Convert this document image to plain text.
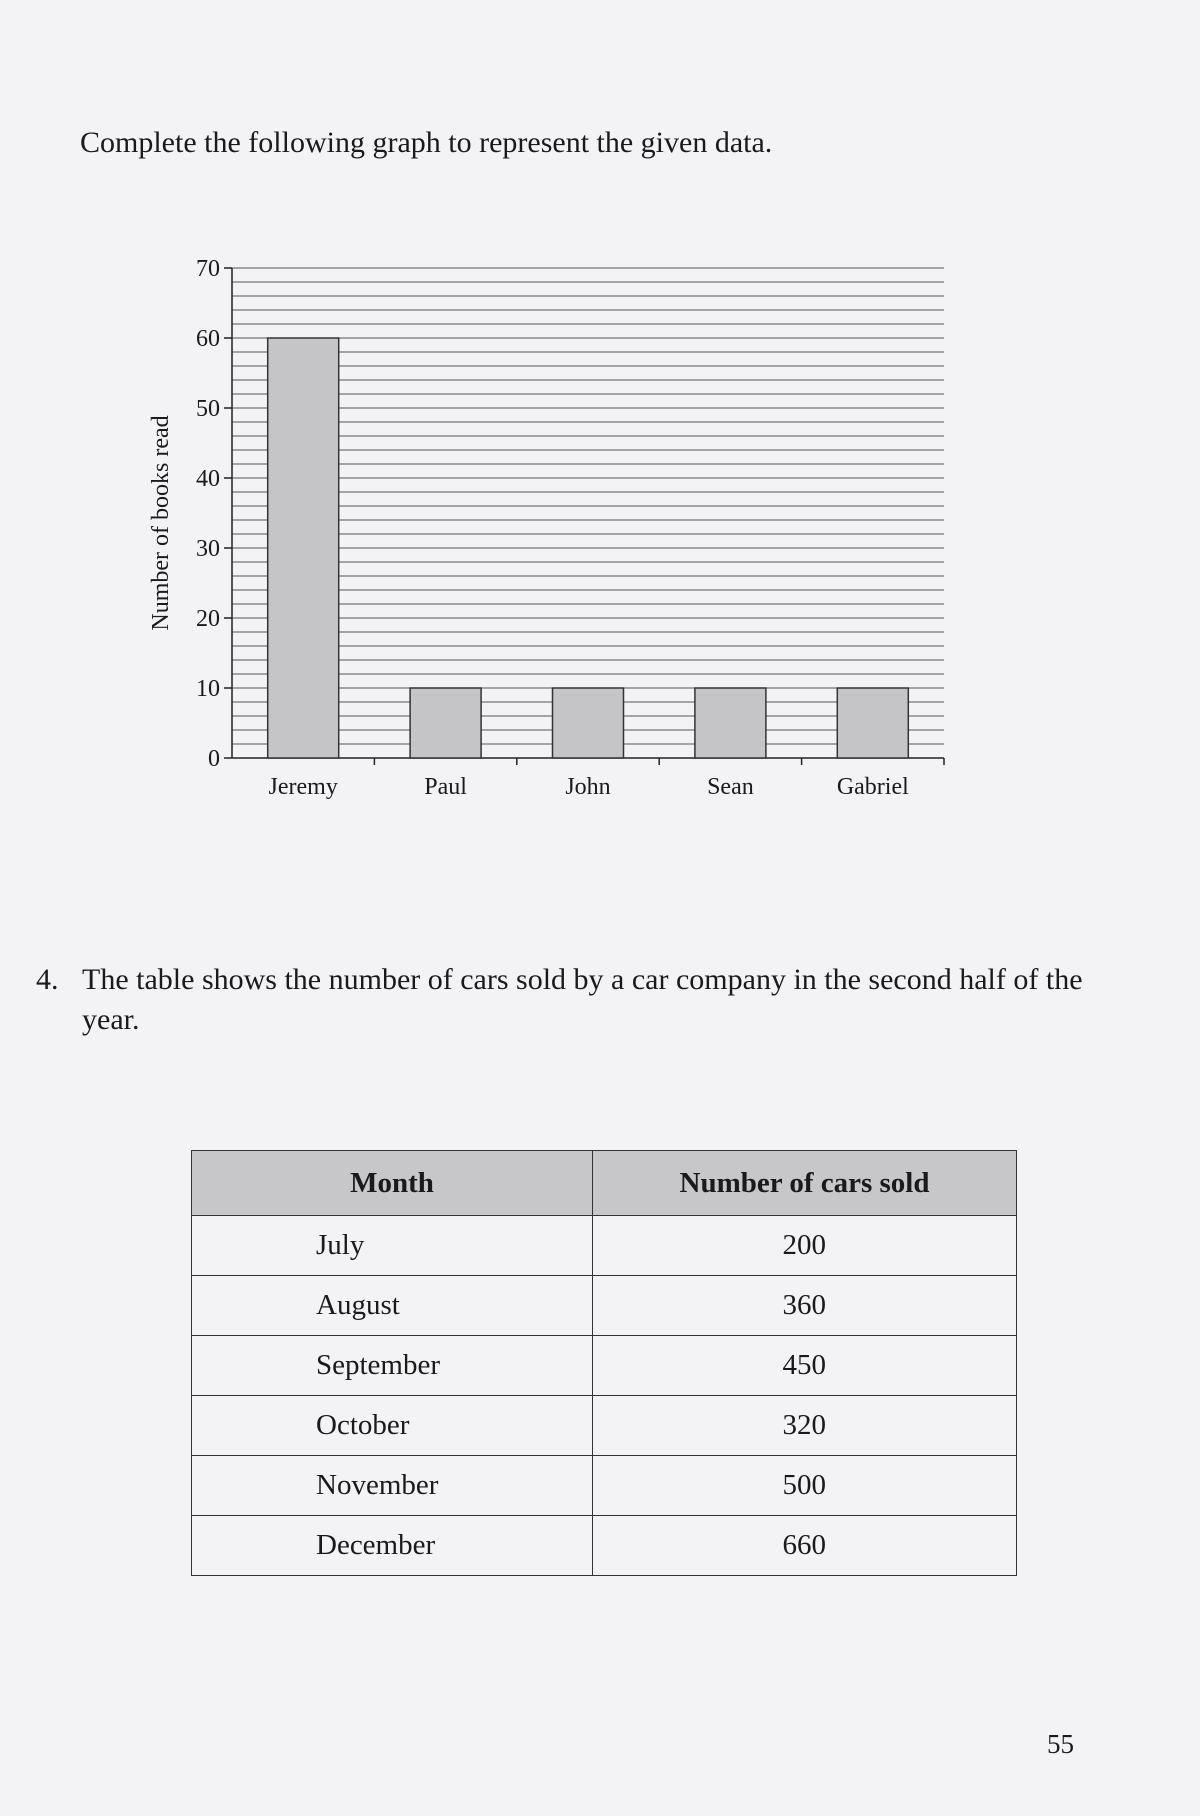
Complete the following graph to represent the given data.

0
10
20
30
40
50
60
70
Number of books read
Jeremy	Paul	John	Sean	Gabriel
4. The table shows the number of cars sold by a car company in the second half of the year.
Month	Number of cars sold
July	200
August	360
September	450
October	320
November	500
December	660
55
